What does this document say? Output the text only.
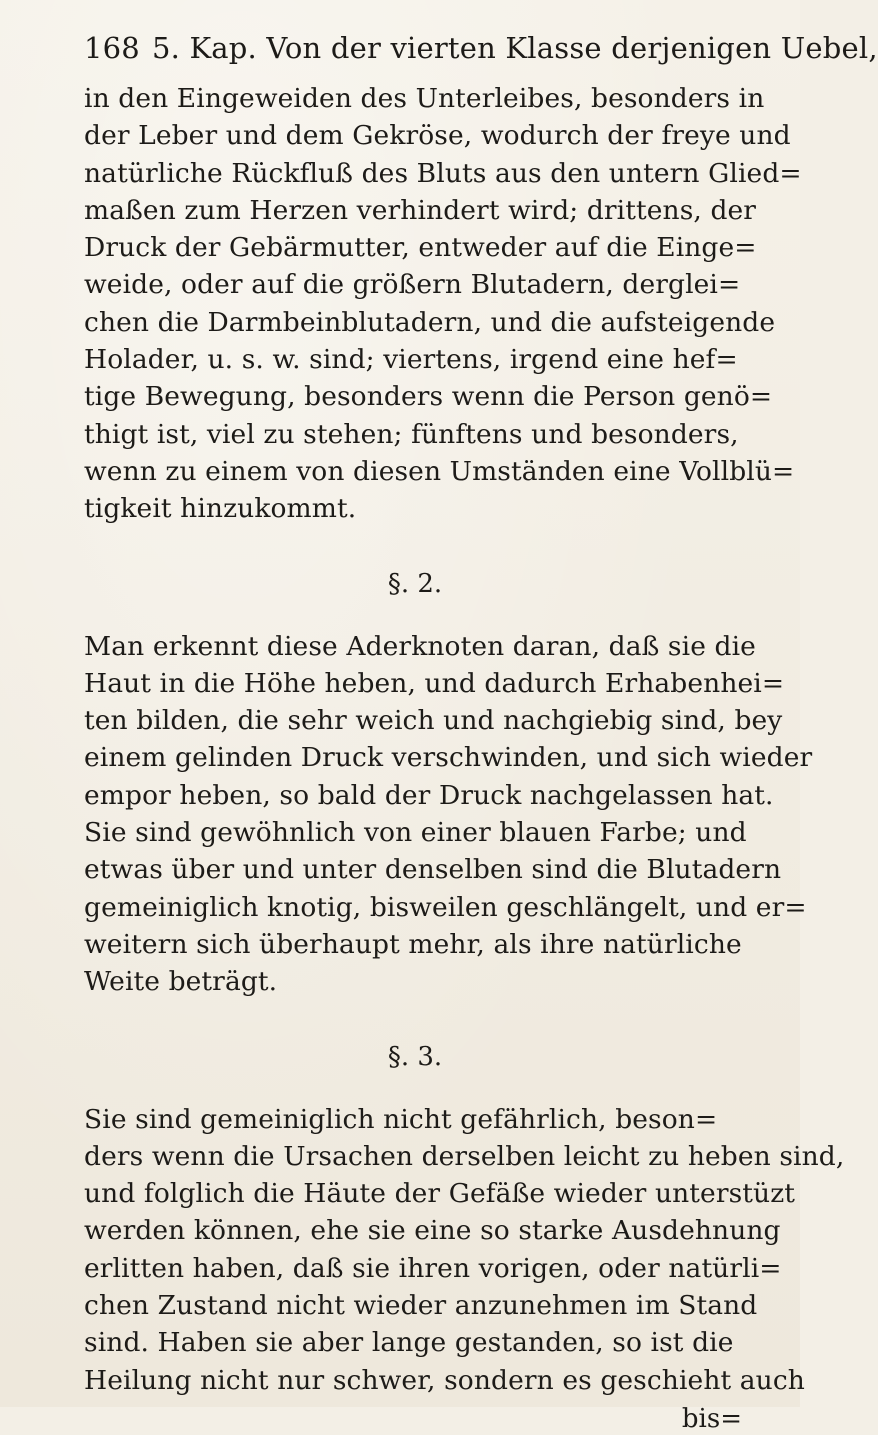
168 5. Kap. Von der vierten Klasse derjenigen Uebel,

in den Eingeweiden des Unterleibes, besonders in

der Leber und dem Gekröse, wodurch der freye und

natürliche Rückfluß des Bluts aus den untern Glied=

maßen zum Herzen verhindert wird; drittens, der

Druck der Gebärmutter, entweder auf die Einge=

weide, oder auf die größern Blutadern, derglei=

chen die Darmbeinblutadern, und die aufsteigende

Holader, u. s. w. sind; viertens, irgend eine hef=

tige Bewegung, besonders wenn die Person genö=

thigt ist, viel zu stehen; fünftens und besonders,

wenn zu einem von diesen Umständen eine Vollblü=

tigkeit hinzukommt.

§. 2.

Man erkennt diese Aderknoten daran, daß sie die

Haut in die Höhe heben, und dadurch Erhabenhei=

ten bilden, die sehr weich und nachgiebig sind, bey

einem gelinden Druck verschwinden, und sich wieder

empor heben, so bald der Druck nachgelassen hat.

Sie sind gewöhnlich von einer blauen Farbe; und

etwas über und unter denselben sind die Blutadern

gemeiniglich knotig, bisweilen geschlängelt, und er=

weitern sich überhaupt mehr, als ihre natürliche

Weite beträgt.

§. 3.

Sie sind gemeiniglich nicht gefährlich, beson=

ders wenn die Ursachen derselben leicht zu heben sind,

und folglich die Häute der Gefäße wieder unterstüzt

werden können, ehe sie eine so starke Ausdehnung

erlitten haben, daß sie ihren vorigen, oder natürli=

chen Zustand nicht wieder anzunehmen im Stand

sind. Haben sie aber lange gestanden, so ist die

Heilung nicht nur schwer, sondern es geschieht auch

bis=
